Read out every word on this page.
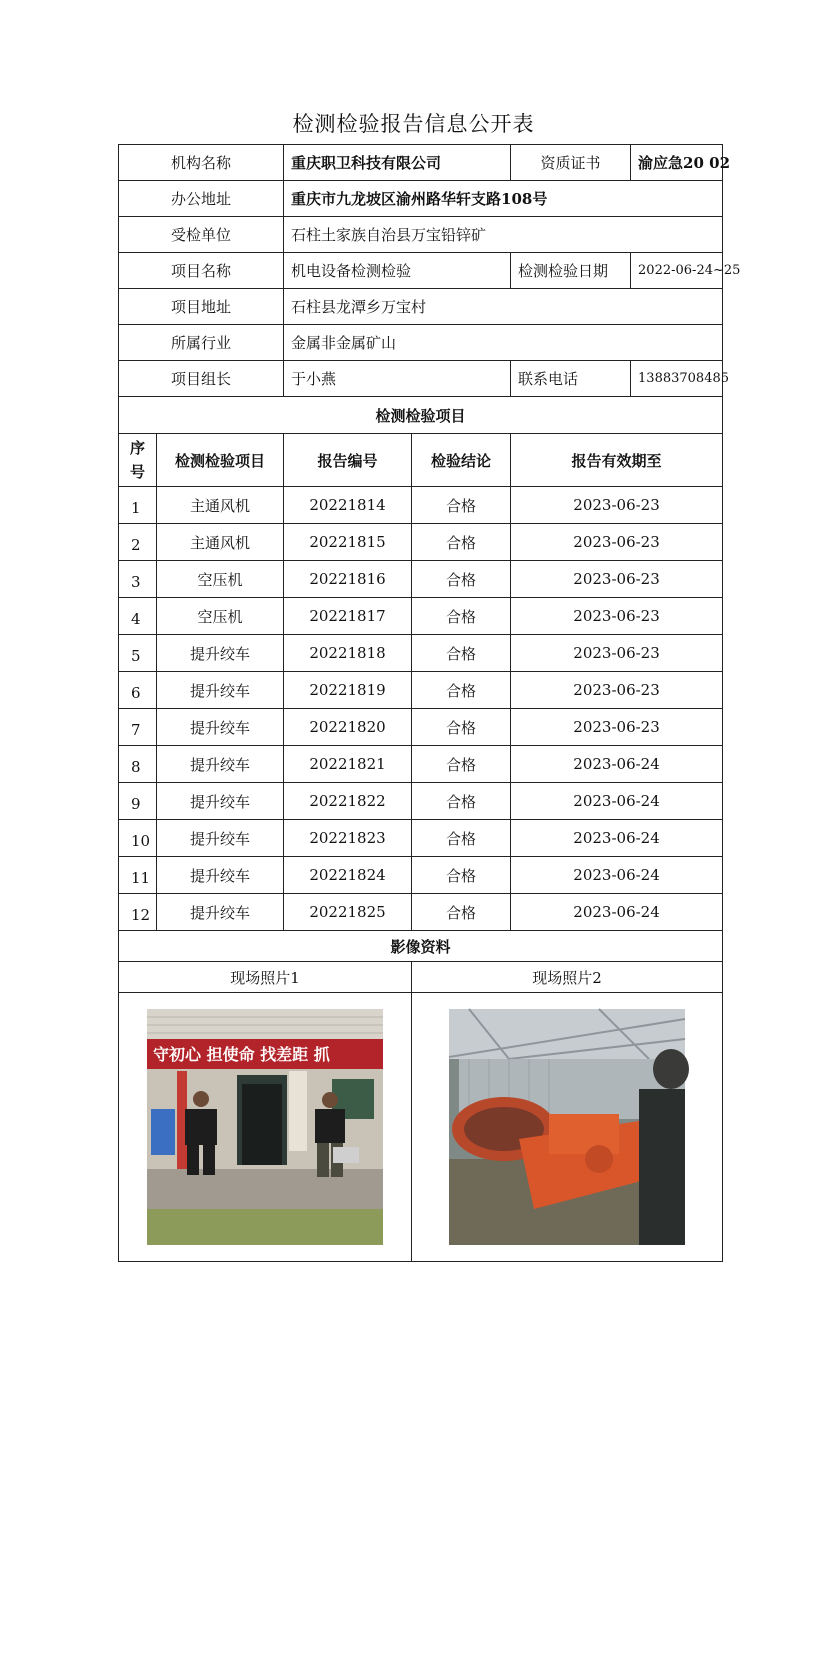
检测检验报告信息公开表
机构名称		重庆职卫科技有限公司		资质证书	渝应急20 02
办公地址		重庆市九龙坡区渝州路华轩支路108号			
受检单位		石柱土家族自治县万宝铅锌矿			
项目名称		机电设备检测检验		检测检验日期	2022-06-24~25
项目地址		石柱县龙潭乡万宝村			
所属行业		金属非金属矿山			
项目组长		于小燕		联系电话	13883708485
检测检验项目					
序
号	检测检验项目	报告编号	检验结论	报告有效期至	
1	主通风机	20221814	合格	2023-06-23	
2	主通风机	20221815	合格	2023-06-23	
3	空压机	20221816	合格	2023-06-23	
4	空压机	20221817	合格	2023-06-23	
5	提升绞车	20221818	合格	2023-06-23	
6	提升绞车	20221819	合格	2023-06-23	
7	提升绞车	20221820	合格	2023-06-23	
8	提升绞车	20221821	合格	2023-06-24	
9	提升绞车	20221822	合格	2023-06-24	
10	提升绞车	20221823	合格	2023-06-24	
11	提升绞车	20221824	合格	2023-06-24	
12	提升绞车	20221825	合格	2023-06-24	
影像资料					
现场照片1			现场照片2		

守初心 担使命 找差距 抓
